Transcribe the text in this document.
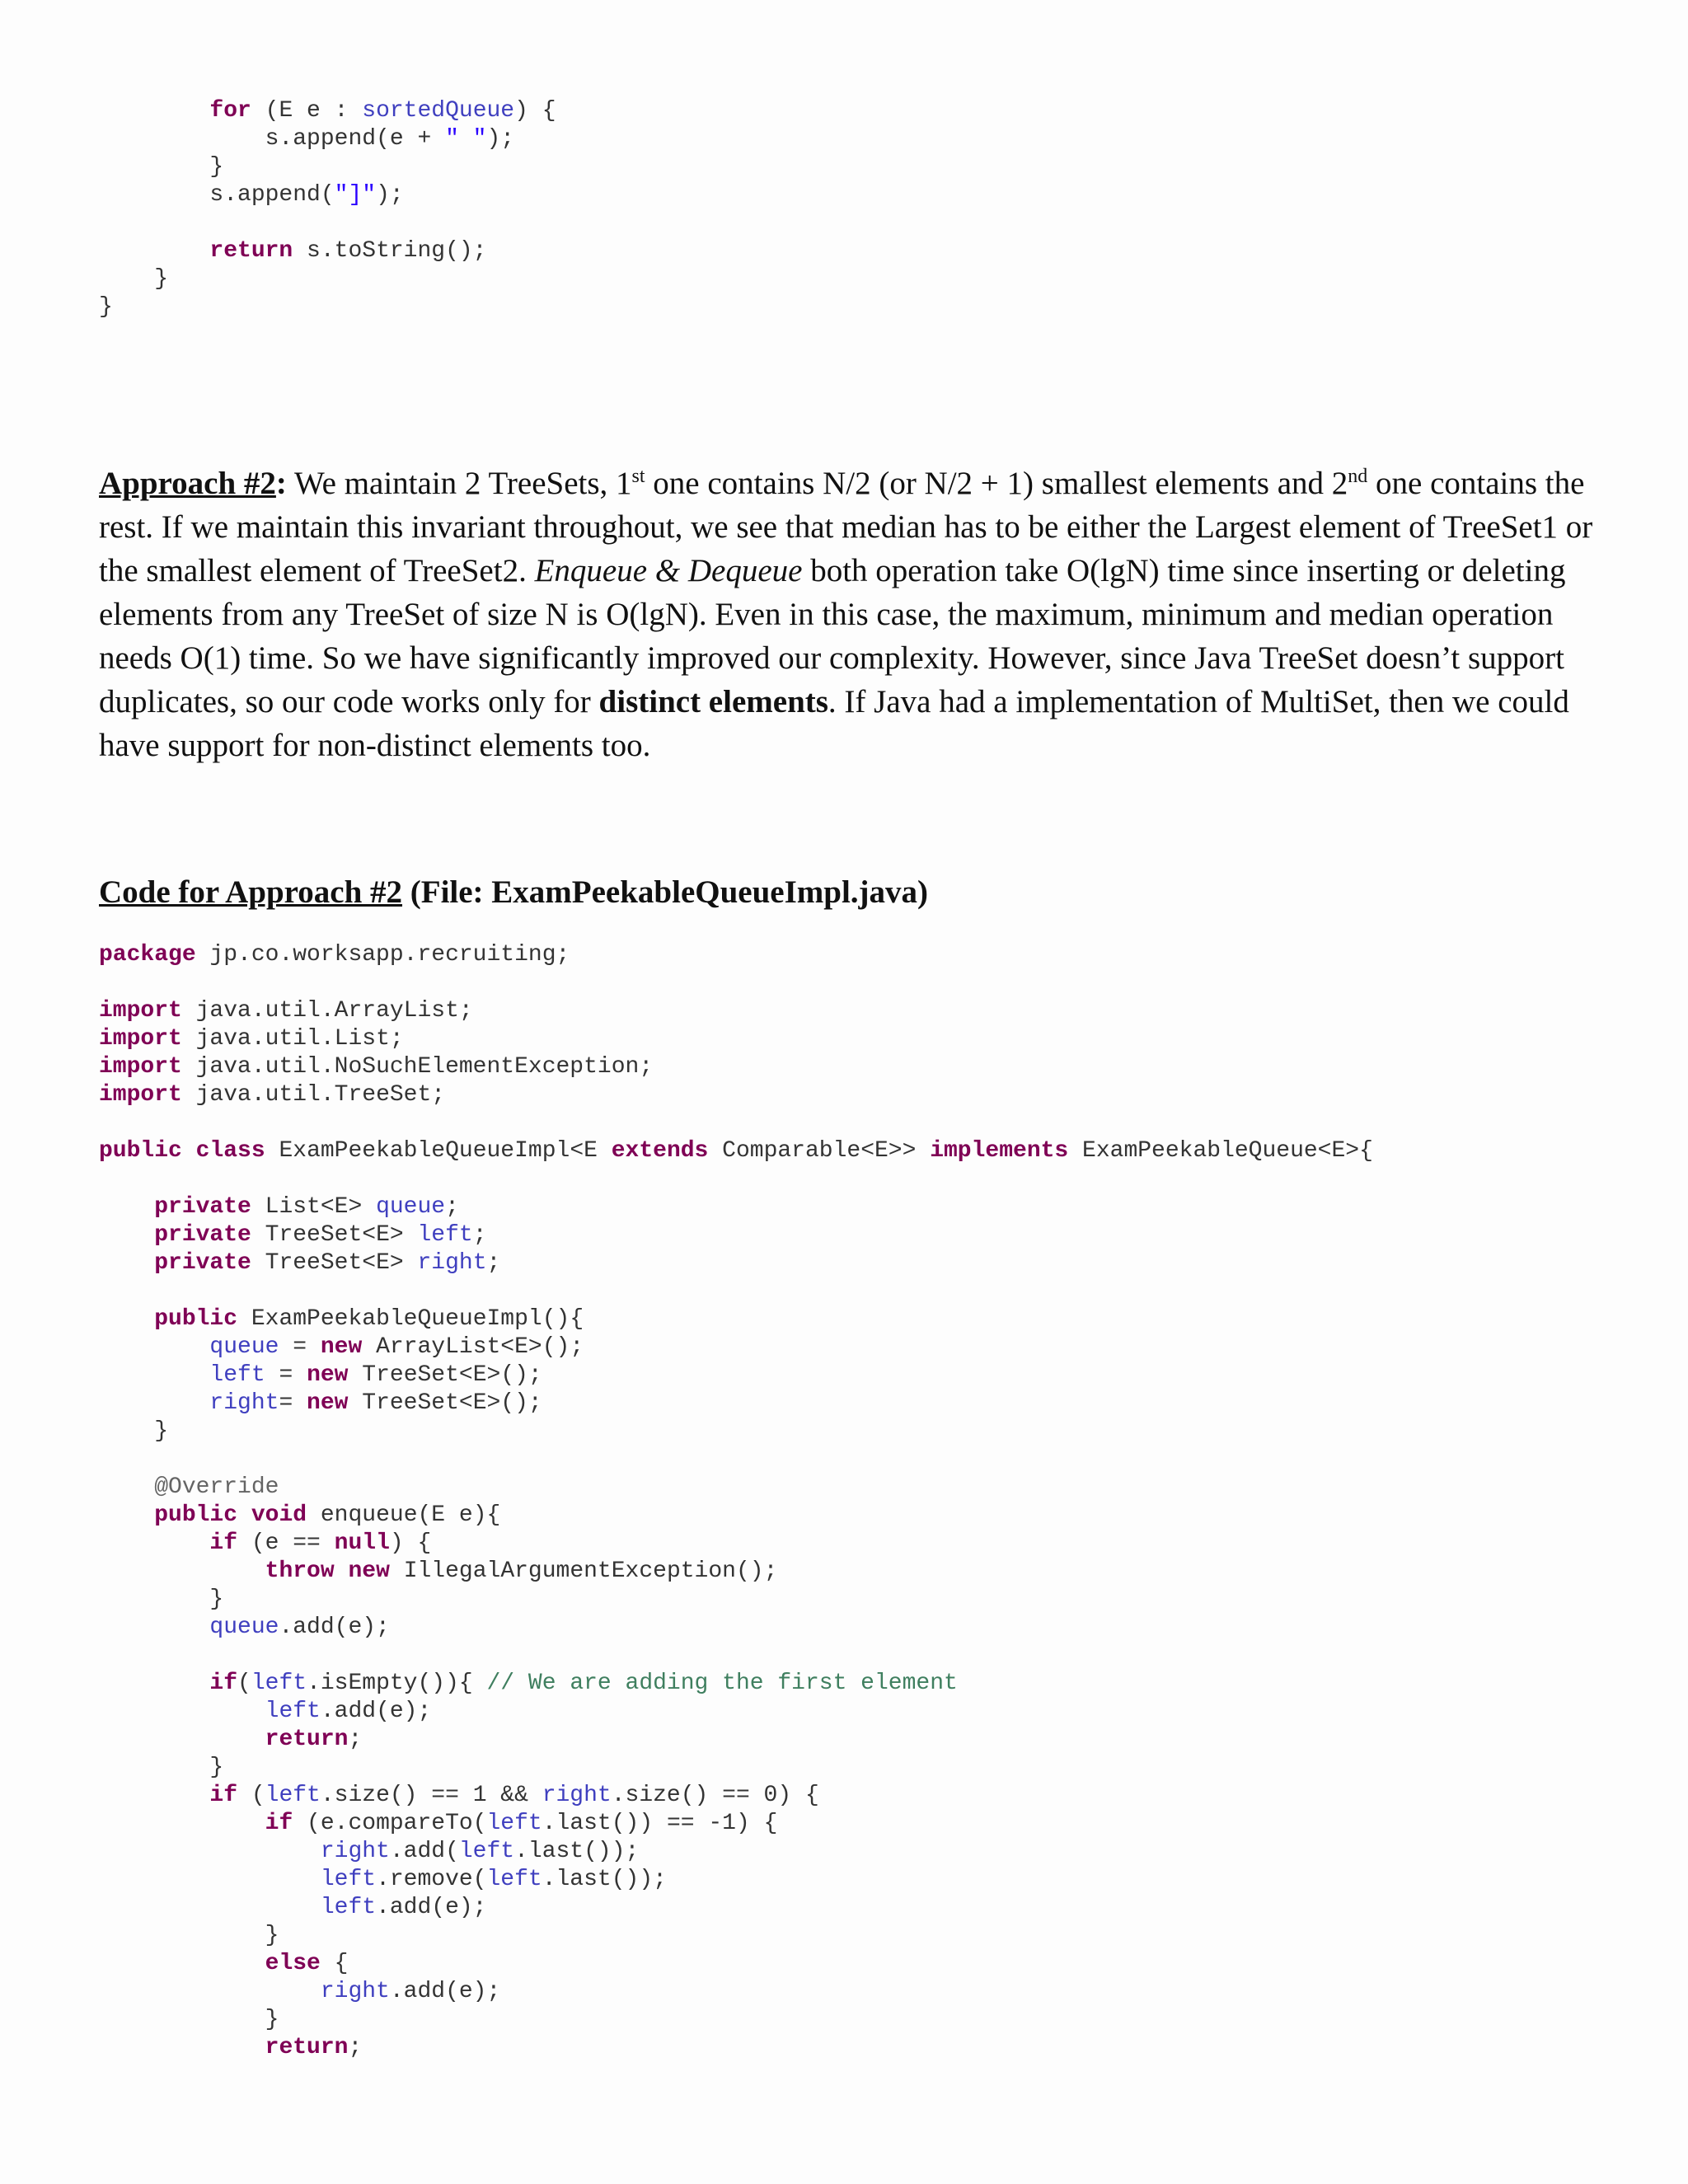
for (E e : sortedQueue) {
s.append(e + " ");
}
s.append("]");

return s.toString();
}
}
Approach #2: We maintain 2 TreeSets, 1st one contains N/2 (or N/2 + 1) smallest elements and 2nd one contains the rest. If we maintain this invariant throughout, we see that median has to be either the Largest element of TreeSet1 or the smallest element of TreeSet2. Enqueue & Dequeue both operation take O(lgN) time since inserting or deleting elements from any TreeSet of size N is O(lgN). Even in this case, the maximum, minimum and median operation needs O(1) time. So we have significantly improved our complexity. However, since Java TreeSet doesn’t support duplicates, so our code works only for distinct elements. If Java had a implementation of MultiSet, then we could have support for non-distinct elements too.
Code for Approach #2 (File: ExamPeekableQueueImpl.java)
package jp.co.worksapp.recruiting;

import java.util.ArrayList;
import java.util.List;
import java.util.NoSuchElementException;
import java.util.TreeSet;

public class ExamPeekableQueueImpl<E extends Comparable<E>> implements ExamPeekableQueue<E>{

private List<E> queue;
private TreeSet<E> left;
private TreeSet<E> right;

public ExamPeekableQueueImpl(){
queue = new ArrayList<E>();
left = new TreeSet<E>();
right= new TreeSet<E>();
}

@Override
public void enqueue(E e){
if (e == null) {
throw new IllegalArgumentException();
}
queue.add(e);

if(left.isEmpty()){ // We are adding the first element
left.add(e);
return;
}
if (left.size() == 1 && right.size() == 0) {
if (e.compareTo(left.last()) == -1) {
right.add(left.last());
left.remove(left.last());
left.add(e);
}
else {
right.add(e);
}
return;
